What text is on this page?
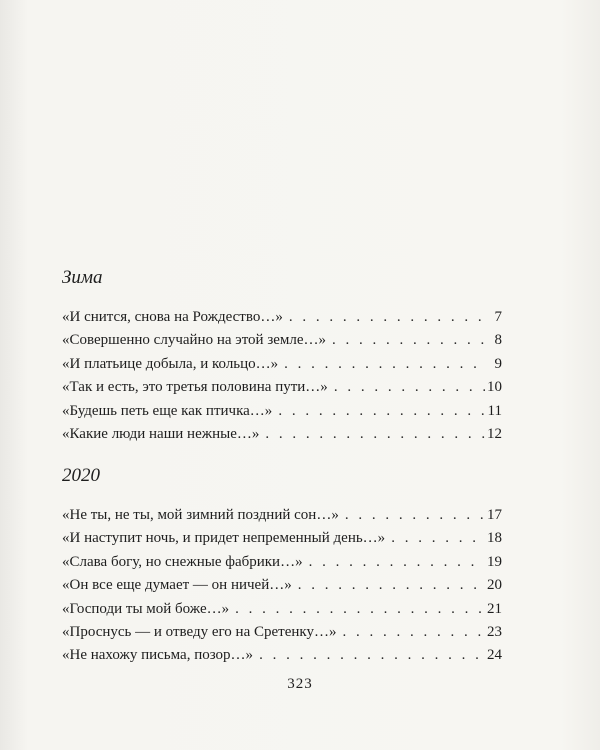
Зима
«И снится, снова на Рождество…» . . .	7
«Совершенно случайно на этой земле…» . . .	8
«И платьице добыла, и кольцо…» . . .	9
«Так и есть, это третья половина пути…» . . .	10
«Будешь петь еще как птичка…» . . .	11
«Какие люди наши нежные…» . . .	12
2020
«Не ты, не ты, мой зимний поздний сон…» . . .	17
«И наступит ночь, и придет непременный день…» . . .	18
«Слава богу, но снежные фабрики…» . . .	19
«Он все еще думает — он ничей…» . . .	20
«Господи ты мой боже…» . . .	21
«Проснусь — и отведу его на Сретенку…» . . .	23
«Не нахожу письма, позор…» . . .	24
323
